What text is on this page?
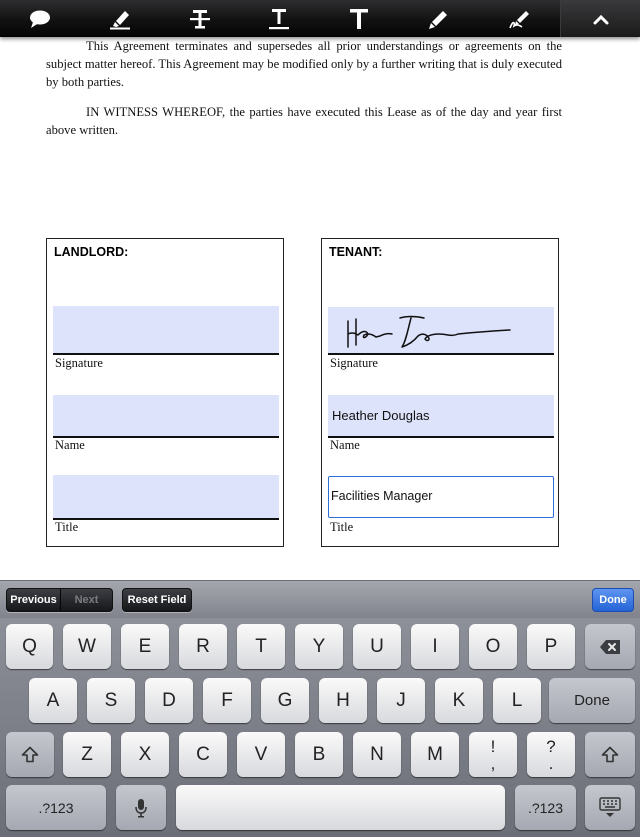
This Agreement terminates and supersedes all prior understandings or agreements on the subject matter hereof. This Agreement may be modified only by a further writing that is duly executed by both parties.

IN WITNESS WHEREOF, the parties have executed this Lease as of the day and year first above written.

LANDLORD:
Signature
Name
Title
TENANT:
Signature
Heather Douglas
Name
Facilities Manager
Title
Previous	Next	Reset Field	Done
Q	W	E	R	T	Y	U	I	O	P
A	S	D	F	G	H	J	K	L	Done
Z	X	C	V	B	N	M	!
,
?
.
.?123	.?123
